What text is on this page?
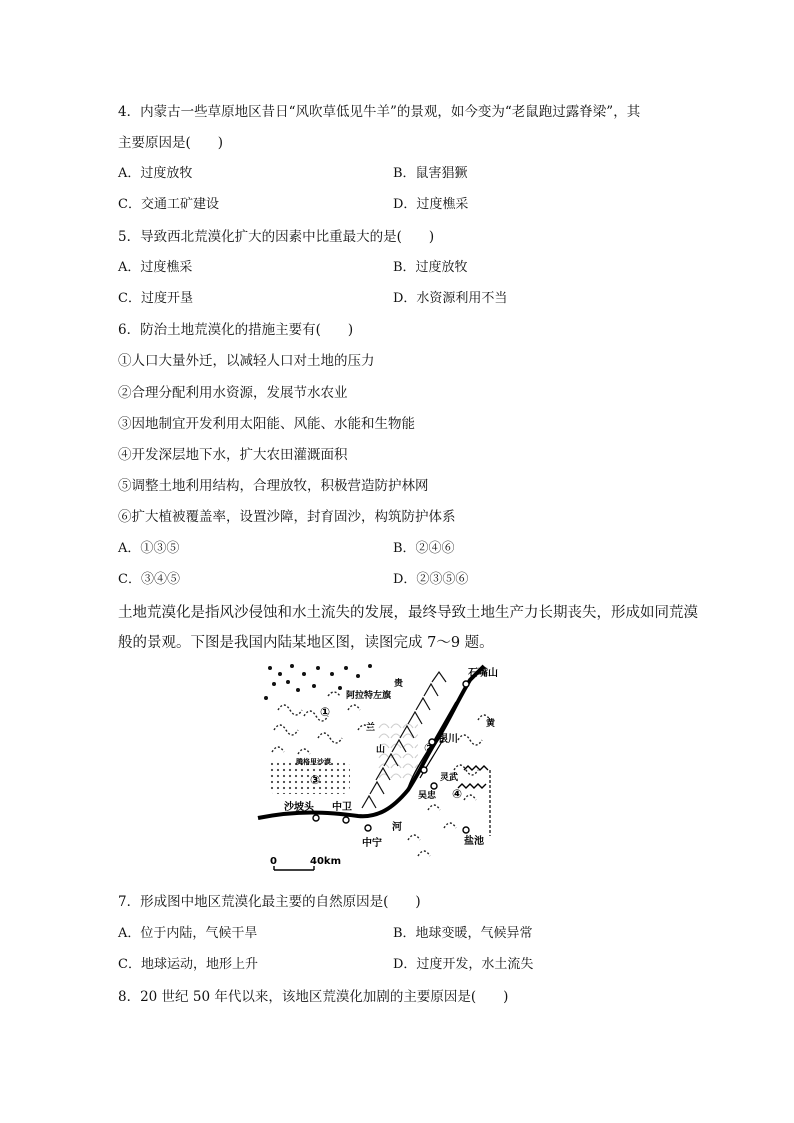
4．内蒙古一些草原地区昔日“风吹草低见牛羊”的景观，如今变为“老鼠跑过露脊梁”，其
主要原因是(　　)
A．过度放牧	B．鼠害猖獗
C．交通工矿建设	D．过度樵采
5．导致西北荒漠化扩大的因素中比重最大的是(　　)
A．过度樵采	B．过度放牧
C．过度开垦	D．水资源利用不当
6．防治土地荒漠化的措施主要有(　　)
①人口大量外迁，以减轻人口对土地的压力
②合理分配利用水资源，发展节水农业
③因地制宜开发利用太阳能、风能、水能和生物能
④开发深层地下水，扩大农田灌溉面积
⑤调整土地利用结构，合理放牧，积极营造防护林网
⑥扩大植被覆盖率，设置沙障，封育固沙，构筑防护体系
A．①③⑤	B．②④⑥
C．③④⑤	D．②③⑤⑥
土地荒漠化是指风沙侵蚀和水土流失的发展，最终导致土地生产力长期丧失，形成如同荒漠
般的景观。下图是我国内陆某地区图，读图完成 7～9 题。
①
②
③
④
阿拉特左旗
贵
石嘴山
兰
山
银川
黄
腾格里沙漠
灵武
吴忠
沙坡头 中卫
河
中宁	盐池
0	40km
7．形成图中地区荒漠化最主要的自然原因是(　　)
A．位于内陆，气候干旱	B．地球变暖，气候异常
C．地球运动，地形上升	D．过度开发，水土流失
8．20 世纪 50 年代以来，该地区荒漠化加剧的主要原因是(　　)
